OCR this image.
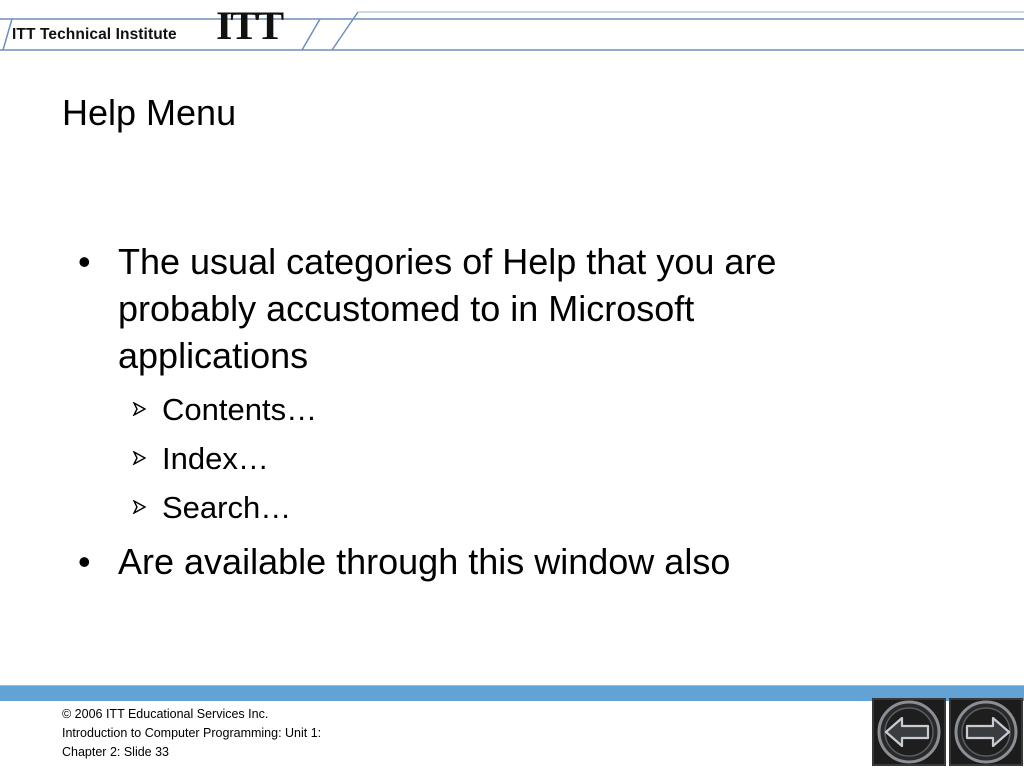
ITT Technical Institute ITT
Help Menu

• The usual categories of Help that you are probably accustomed to in Microsoft applications

Contents…
Index…
Search…

• Are available through this window also

© 2006 ITT Educational Services Inc.
Introduction to Computer Programming: Unit 1:
Chapter 2: Slide 33
